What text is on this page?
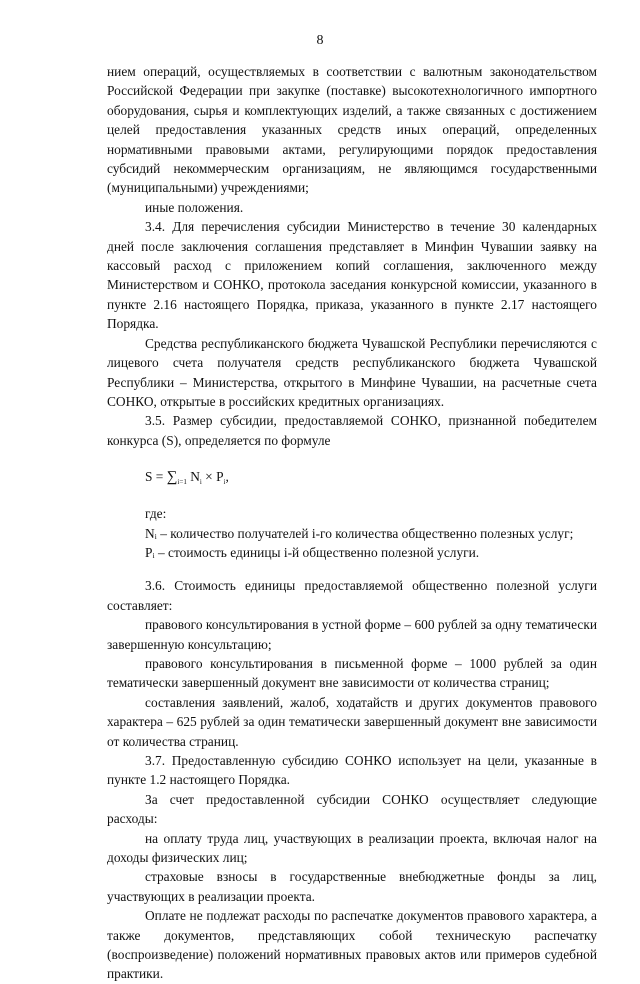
8

нием операций, осуществляемых в соответствии с валютным законодательством Российской Федерации при закупке (поставке) высокотехнологичного импортного оборудования, сырья и комплектующих изделий, а также связанных с достижением целей предоставления указанных средств иных операций, определенных нормативными правовыми актами, регулирующими порядок предоставления субсидий некоммерческим организациям, не являющимся государственными (муниципальными) учреждениями;

иные положения.

3.4. Для перечисления субсидии Министерство в течение 30 календарных дней после заключения соглашения представляет в Минфин Чувашии заявку на кассовый расход с приложением копий соглашения, заключенного между Министерством и СОНКО, протокола заседания конкурсной комиссии, указанного в пункте 2.16 настоящего Порядка, приказа, указанного в пункте 2.17 настоящего Порядка.

Средства республиканского бюджета Чувашской Республики перечисляются с лицевого счета получателя средств республиканского бюджета Чувашской Республики – Министерства, открытого в Минфине Чувашии, на расчетные счета СОНКО, открытые в российских кредитных организациях.

3.5. Размер субсидии, предоставляемой СОНКО, признанной победителем конкурса (S), определяется по формуле

$S = \sum_{i=1}$ $N_i \times P_i$,

где:

Nᵢ – количество получателей i-го количества общественно полезных услуг;

Pᵢ – стоимость единицы i-й общественно полезной услуги.

3.6. Стоимость единицы предоставляемой общественно полезной услуги составляет:

правового консультирования в устной форме – 600 рублей за одну тематически завершенную консультацию;

правового консультирования в письменной форме – 1000 рублей за один тематически завершенный документ вне зависимости от количества страниц;

составления заявлений, жалоб, ходатайств и других документов правового характера – 625 рублей за один тематически завершенный документ вне зависимости от количества страниц.

3.7. Предоставленную субсидию СОНКО использует на цели, указанные в пункте 1.2 настоящего Порядка.

За счет предоставленной субсидии СОНКО осуществляет следующие расходы:

на оплату труда лиц, участвующих в реализации проекта, включая налог на доходы физических лиц;

страховые взносы в государственные внебюджетные фонды за лиц, участвующих в реализации проекта.

Оплате не подлежат расходы по распечатке документов правового характера, а также документов, представляющих собой техническую распечатку (воспроизведение) положений нормативных правовых актов или примеров судебной практики.
